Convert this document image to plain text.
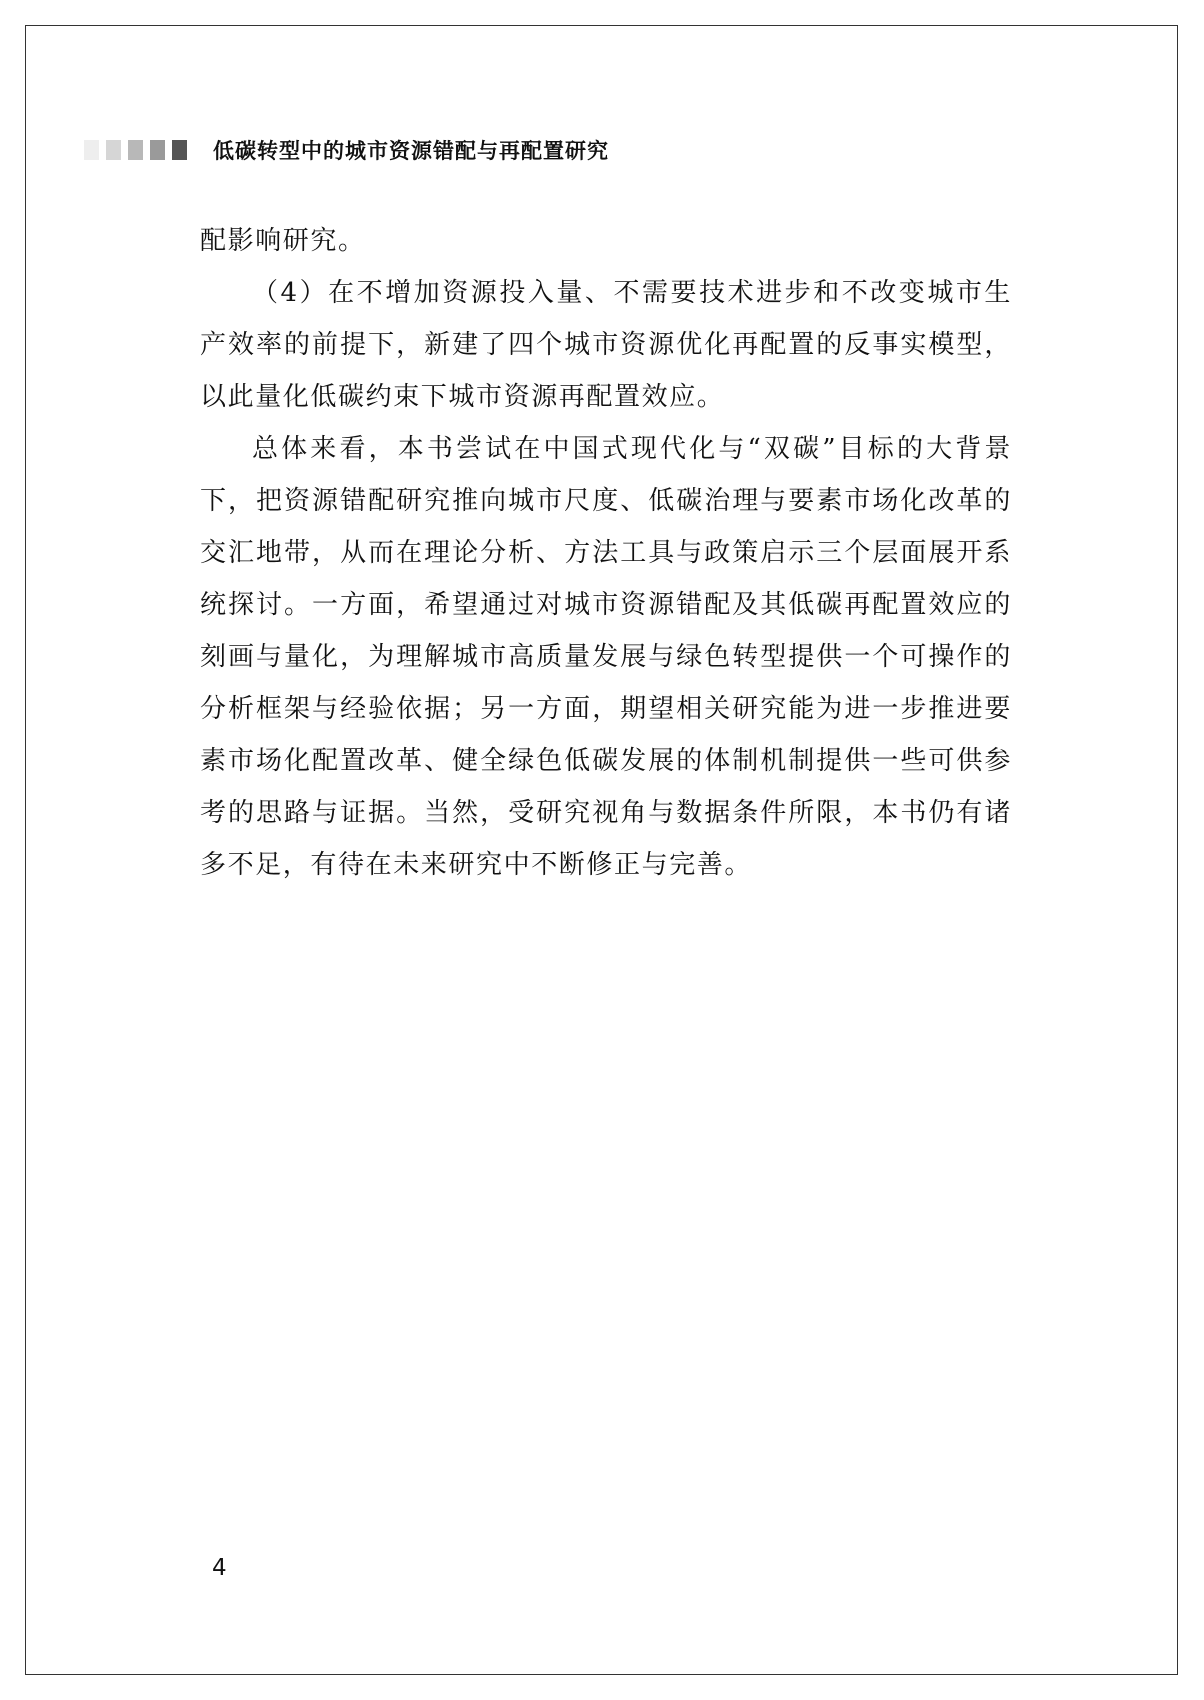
低碳转型中的城市资源错配与再配置研究

配影响研究。

（4）在不增加资源投入量、不需要技术进步和不改变城市生产效率的前提下，新建了四个城市资源优化再配置的反事实模型，以此量化低碳约束下城市资源再配置效应。

总体来看，本书尝试在中国式现代化与“双碳”目标的大背景下，把资源错配研究推向城市尺度、低碳治理与要素市场化改革的交汇地带，从而在理论分析、方法工具与政策启示三个层面展开系统探讨。一方面，希望通过对城市资源错配及其低碳再配置效应的刻画与量化，为理解城市高质量发展与绿色转型提供一个可操作的分析框架与经验依据；另一方面，期望相关研究能为进一步推进要素市场化配置改革、健全绿色低碳发展的体制机制提供一些可供参考的思路与证据。当然，受研究视角与数据条件所限，本书仍有诸多不足，有待在未来研究中不断修正与完善。

4
